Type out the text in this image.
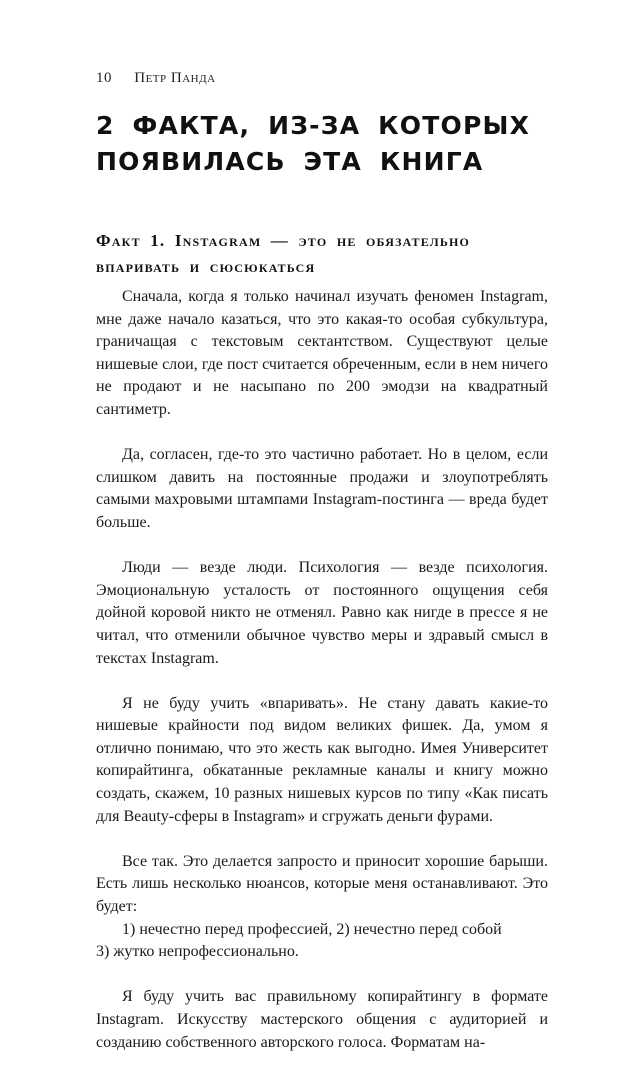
10 Петр Панда
2 ФАКТА, ИЗ-ЗА КОТОРЫХ ПОЯВИЛАСЬ ЭТА КНИГА
Факт 1. Instagram — это не обязательно впаривать и сюсюкаться

Сначала, когда я только начинал изучать феномен Instagram, мне даже начало казаться, что это какая-то особая субкультура, граничащая с текстовым сектантством. Существуют целые нишевые слои, где пост считается обреченным, если в нем ничего не продают и не насыпано по 200 эмодзи на квадратный сантиметр.

Да, согласен, где-то это частично работает. Но в целом, если слишком давить на постоянные продажи и злоупотреблять самыми махровыми штампами Instagram-постинга — вреда будет больше.

Люди — везде люди. Психология — везде психология. Эмоциональную усталость от постоянного ощущения себя дойной коровой никто не отменял. Равно как нигде в прессе я не читал, что отменили обычное чувство меры и здравый смысл в текстах Instagram.

Я не буду учить «впаривать». Не стану давать какие-то нишевые крайности под видом великих фишек. Да, умом я отлично понимаю, что это жесть как выгодно. Имея Университет копирайтинга, обкатанные рекламные каналы и книгу можно создать, скажем, 10 разных нишевых курсов по типу «Как писать для Beauty-сферы в Instagram» и сгружать деньги фурами.

Все так. Это делается запросто и приносит хорошие барыши. Есть лишь несколько нюансов, которые меня останавливают. Это будет:

1) нечестно перед профессией, 2) нечестно перед собой

3) жутко непрофессионально.

Я буду учить вас правильному копирайтингу в формате Instagram. Искусству мастерского общения с аудиторией и созданию собственного авторского голоса. Форматам на-
